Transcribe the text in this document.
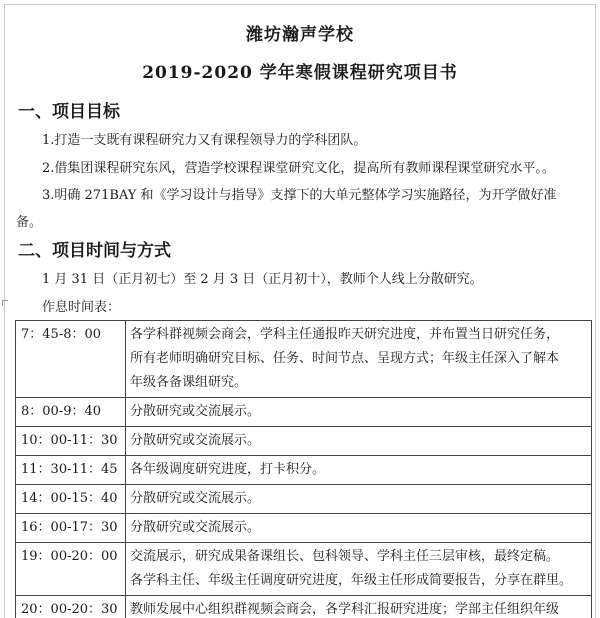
潍坊瀚声学校
2019-2020 学年寒假课程研究项目书
一、项目目标
1.打造一支既有课程研究力又有课程领导力的学科团队。
2.借集团课程研究东风，营造学校课程课堂研究文化，提高所有教师课程课堂研究水平。。
3.明确 271BAY 和《学习设计与指导》支撑下的大单元整体学习实施路径，为开学做好准
备。
二、项目时间与方式
1 月 31 日（正月初七）至 2 月 3 日（正月初十），教师个人线上分散研究。
作息时间表：
7：45-8：00	各学科群视频会商会，学科主任通报昨天研究进度，并布置当日研究任务，
所有老师明确研究目标、任务、时间节点、呈现方式；年级主任深入了解本
年级各备课组研究。

8：00-9：40	分散研究或交流展示。

10：00-11：30	分散研究或交流展示。

11：30-11：45	各年级调度研究进度，打卡积分。

14：00-15：40	分散研究或交流展示。

16：00-17：30	分散研究或交流展示。

19：00-20：00	交流展示，研究成果备课组长、包科领导、学科主任三层审核，最终定稿。
各学科主任、年级主任调度研究进度，年级主任形成简要报告，分享在群里。

20：00-20：30	教师发展中心组织群视频会商会，各学科汇报研究进度；学部主任组织年级
